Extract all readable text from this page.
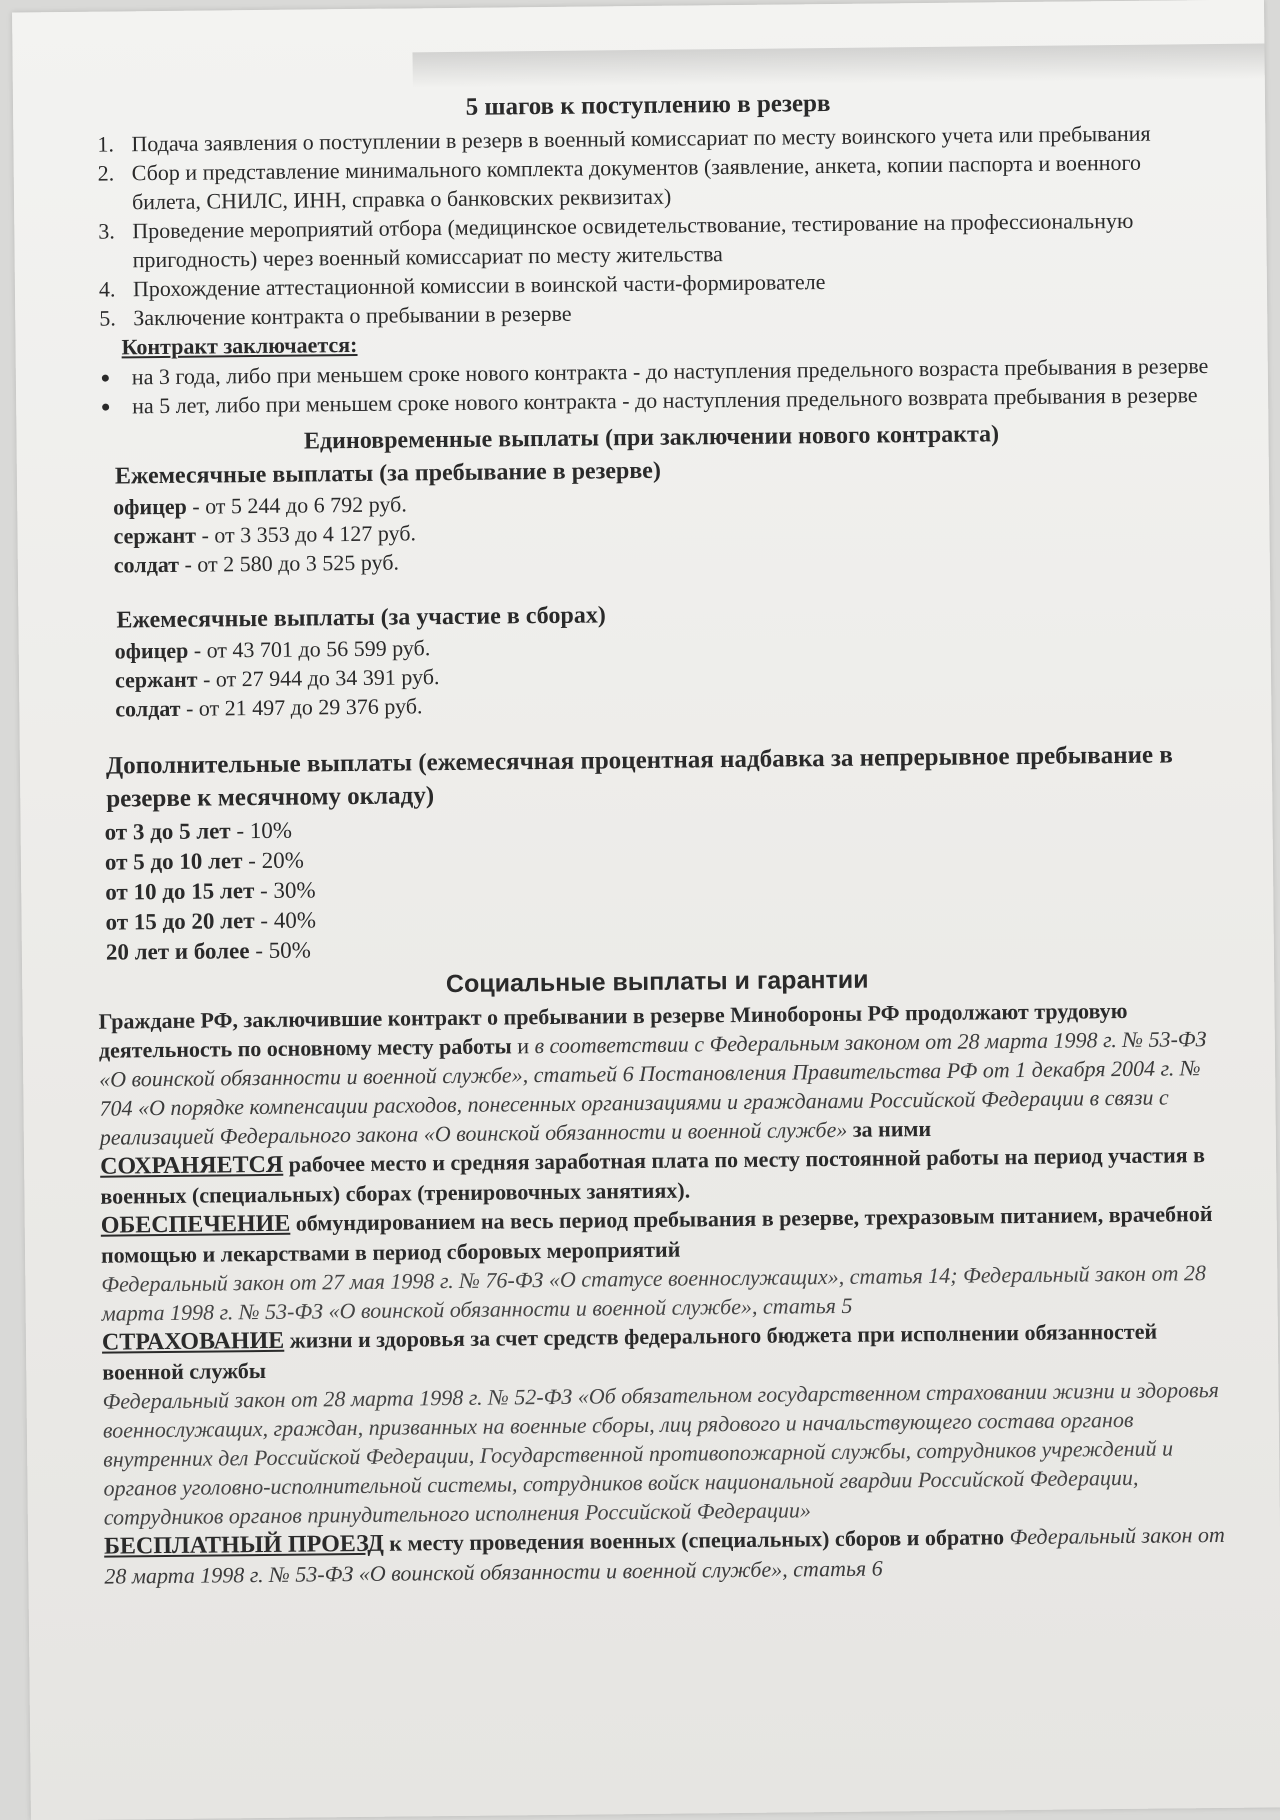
5 шагов к поступлению в резерв
1. Подача заявления о поступлении в резерв в военный комиссариат по месту воинского учета или пребывания
2. Сбор и представление минимального комплекта документов (заявление, анкета, копии паспорта и военного билета, СНИЛС, ИНН, справка о банковских реквизитах)
3. Проведение мероприятий отбора (медицинское освидетельствование, тестирование на профессиональную пригодность) через военный комиссариат по месту жительства
4. Прохождение аттестационной комиссии в воинской части-формирователе
5. Заключение контракта о пребывании в резерве
Контракт заключается:
• на 3 года, либо при меньшем сроке нового контракта - до наступления предельного возраста пребывания в резерве
• на 5 лет, либо при меньшем сроке нового контракта - до наступления предельного возврата пребывания в резерве
Единовременные выплаты (при заключении нового контракта)
Ежемесячные выплаты (за пребывание в резерве)
офицер - от 5 244 до 6 792 руб.
сержант - от 3 353 до 4 127 руб.
солдат - от 2 580 до 3 525 руб.
Ежемесячные выплаты (за участие в сборах)
офицер - от 43 701 до 56 599 руб.
сержант - от 27 944 до 34 391 руб.
солдат - от 21 497 до 29 376 руб.
Дополнительные выплаты (ежемесячная процентная надбавка за непрерывное пребывание в резерве к месячному окладу)
от 3 до 5 лет - 10%
от 5 до 10 лет - 20%
от 10 до 15 лет - 30%
от 15 до 20 лет - 40%
20 лет и более - 50%
Социальные выплаты и гарантии
Граждане РФ, заключившие контракт о пребывании в резерве Минобороны РФ продолжают трудовую деятельность по основному месту работы и в соответствии с Федеральным законом от 28 марта 1998 г. № 53-ФЗ «О воинской обязанности и военной службе», статьей 6 Постановления Правительства РФ от 1 декабря 2004 г. № 704 «О порядке компенсации расходов, понесенных организациями и гражданами Российской Федерации в связи с реализацией Федерального закона «О воинской обязанности и военной службе» за ними
СОХРАНЯЕТСЯ рабочее место и средняя заработная плата по месту постоянной работы на период участия в военных (специальных) сборах (тренировочных занятиях).
ОБЕСПЕЧЕНИЕ обмундированием на весь период пребывания в резерве, трехразовым питанием, врачебной помощью и лекарствами в период сборовых мероприятий
Федеральный закон от 27 мая 1998 г. № 76-ФЗ «О статусе военнослужащих», статья 14; Федеральный закон от 28 марта 1998 г. № 53-ФЗ «О воинской обязанности и военной службе», статья 5
СТРАХОВАНИЕ жизни и здоровья за счет средств федерального бюджета при исполнении обязанностей военной службы
Федеральный закон от 28 марта 1998 г. № 52-ФЗ «Об обязательном государственном страховании жизни и здоровья военнослужащих, граждан, призванных на военные сборы, лиц рядового и начальствующего состава органов внутренних дел Российской Федерации, Государственной противопожарной службы, сотрудников учреждений и органов уголовно-исполнительной системы, сотрудников войск национальной гвардии Российской Федерации, сотрудников органов принудительного исполнения Российской Федерации»
БЕСПЛАТНЫЙ ПРОЕЗД к месту проведения военных (специальных) сборов и обратно Федеральный закон от 28 марта 1998 г. № 53-ФЗ «О воинской обязанности и военной службе», статья 6
